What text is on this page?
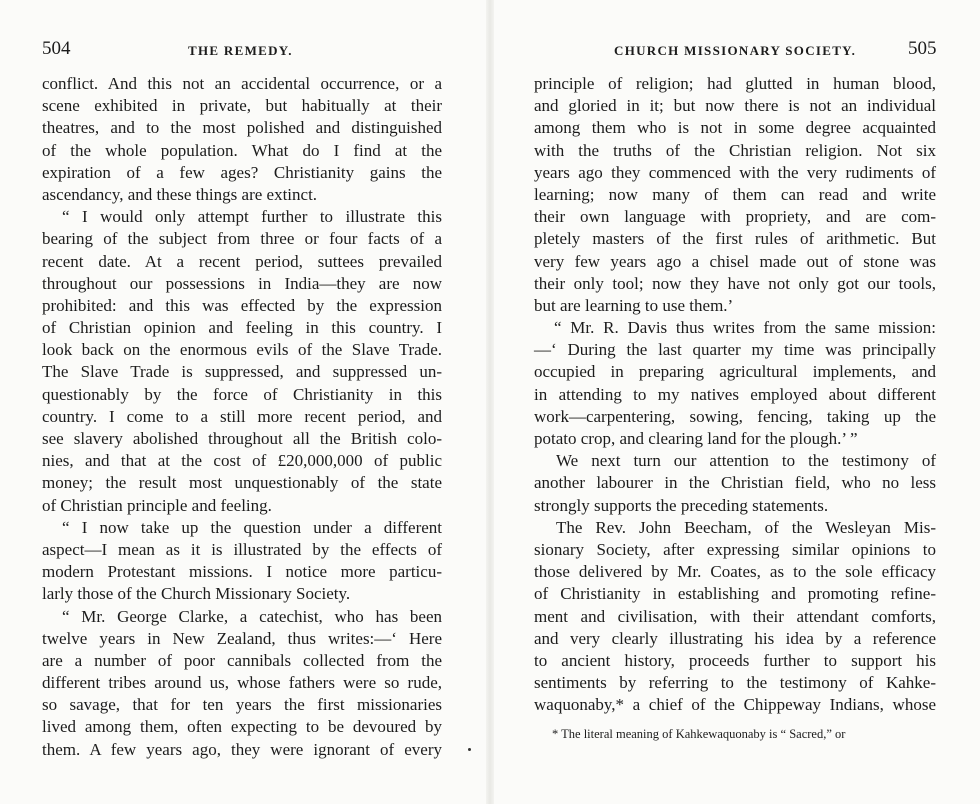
504	THE REMEDY.
conflict. And this not an accidental occurrence, or a
scene exhibited in private, but habitually at their
theatres, and to the most polished and distinguished
of the whole population. What do I find at the
expiration of a few ages? Christianity gains the
ascendancy, and these things are extinct.
“ I would only attempt further to illustrate this
bearing of the subject from three or four facts of a
recent date. At a recent period, suttees prevailed
throughout our possessions in India—they are now
prohibited: and this was effected by the expression
of Christian opinion and feeling in this country. I
look back on the enormous evils of the Slave Trade.
The Slave Trade is suppressed, and suppressed un-
questionably by the force of Christianity in this
country. I come to a still more recent period, and
see slavery abolished throughout all the British colo-
nies, and that at the cost of £20,000,000 of public
money; the result most unquestionably of the state
of Christian principle and feeling.
“ I now take up the question under a different
aspect—I mean as it is illustrated by the effects of
modern Protestant missions. I notice more particu-
larly those of the Church Missionary Society.
“ Mr. George Clarke, a catechist, who has been
twelve years in New Zealand, thus writes:—‘ Here
are a number of poor cannibals collected from the
different tribes around us, whose fathers were so rude,
so savage, that for ten years the first missionaries
lived among them, often expecting to be devoured by
them. A few years ago, they were ignorant of every
CHURCH MISSIONARY SOCIETY.	505
principle of religion; had glutted in human blood,
and gloried in it; but now there is not an individual
among them who is not in some degree acquainted
with the truths of the Christian religion. Not six
years ago they commenced with the very rudiments of
learning; now many of them can read and write
their own language with propriety, and are com-
pletely masters of the first rules of arithmetic. But
very few years ago a chisel made out of stone was
their only tool; now they have not only got our tools,
but are learning to use them.’
“ Mr. R. Davis thus writes from the same mission:
—‘ During the last quarter my time was principally
occupied in preparing agricultural implements, and
in attending to my natives employed about different
work—carpentering, sowing, fencing, taking up the
potato crop, and clearing land for the plough.’ ”
We next turn our attention to the testimony of
another labourer in the Christian field, who no less
strongly supports the preceding statements.
The Rev. John Beecham, of the Wesleyan Mis-
sionary Society, after expressing similar opinions to
those delivered by Mr. Coates, as to the sole efficacy
of Christianity in establishing and promoting refine-
ment and civilisation, with their attendant comforts,
and very clearly illustrating his idea by a reference
to ancient history, proceeds further to support his
sentiments by referring to the testimony of Kahke-
waquonaby,* a chief of the Chippeway Indians, whose
* The literal meaning of Kahkewaquonaby is “ Sacred,” or
